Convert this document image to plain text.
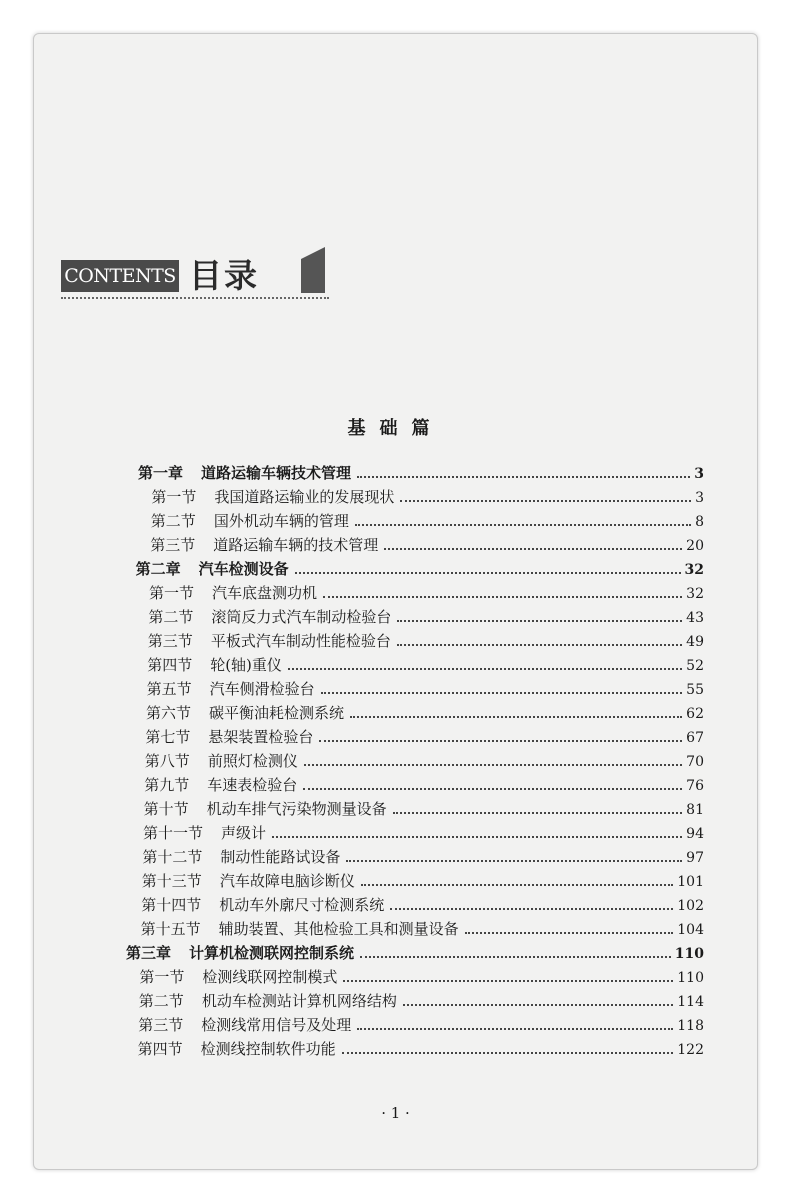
CONTENTS 目录
基础篇
第一章 道路运输车辆技术管理	3
第一节 我国道路运输业的发展现状	3
第二节 国外机动车辆的管理	8
第三节 道路运输车辆的技术管理	20
第二章 汽车检测设备	32
第一节 汽车底盘测功机	32
第二节 滚筒反力式汽车制动检验台	43
第三节 平板式汽车制动性能检验台	49
第四节 轮(轴)重仪	52
第五节 汽车侧滑检验台	55
第六节 碳平衡油耗检测系统	62
第七节 悬架装置检验台	67
第八节 前照灯检测仪	70
第九节 车速表检验台	76
第十节 机动车排气污染物测量设备	81
第十一节 声级计	94
第十二节 制动性能路试设备	97
第十三节 汽车故障电脑诊断仪	101
第十四节 机动车外廓尺寸检测系统	102
第十五节 辅助装置、其他检验工具和测量设备	104
第三章 计算机检测联网控制系统	110
第一节 检测线联网控制模式	110
第二节 机动车检测站计算机网络结构	114
第三节 检测线常用信号及处理	118
第四节 检测线控制软件功能	122
· 1 ·
